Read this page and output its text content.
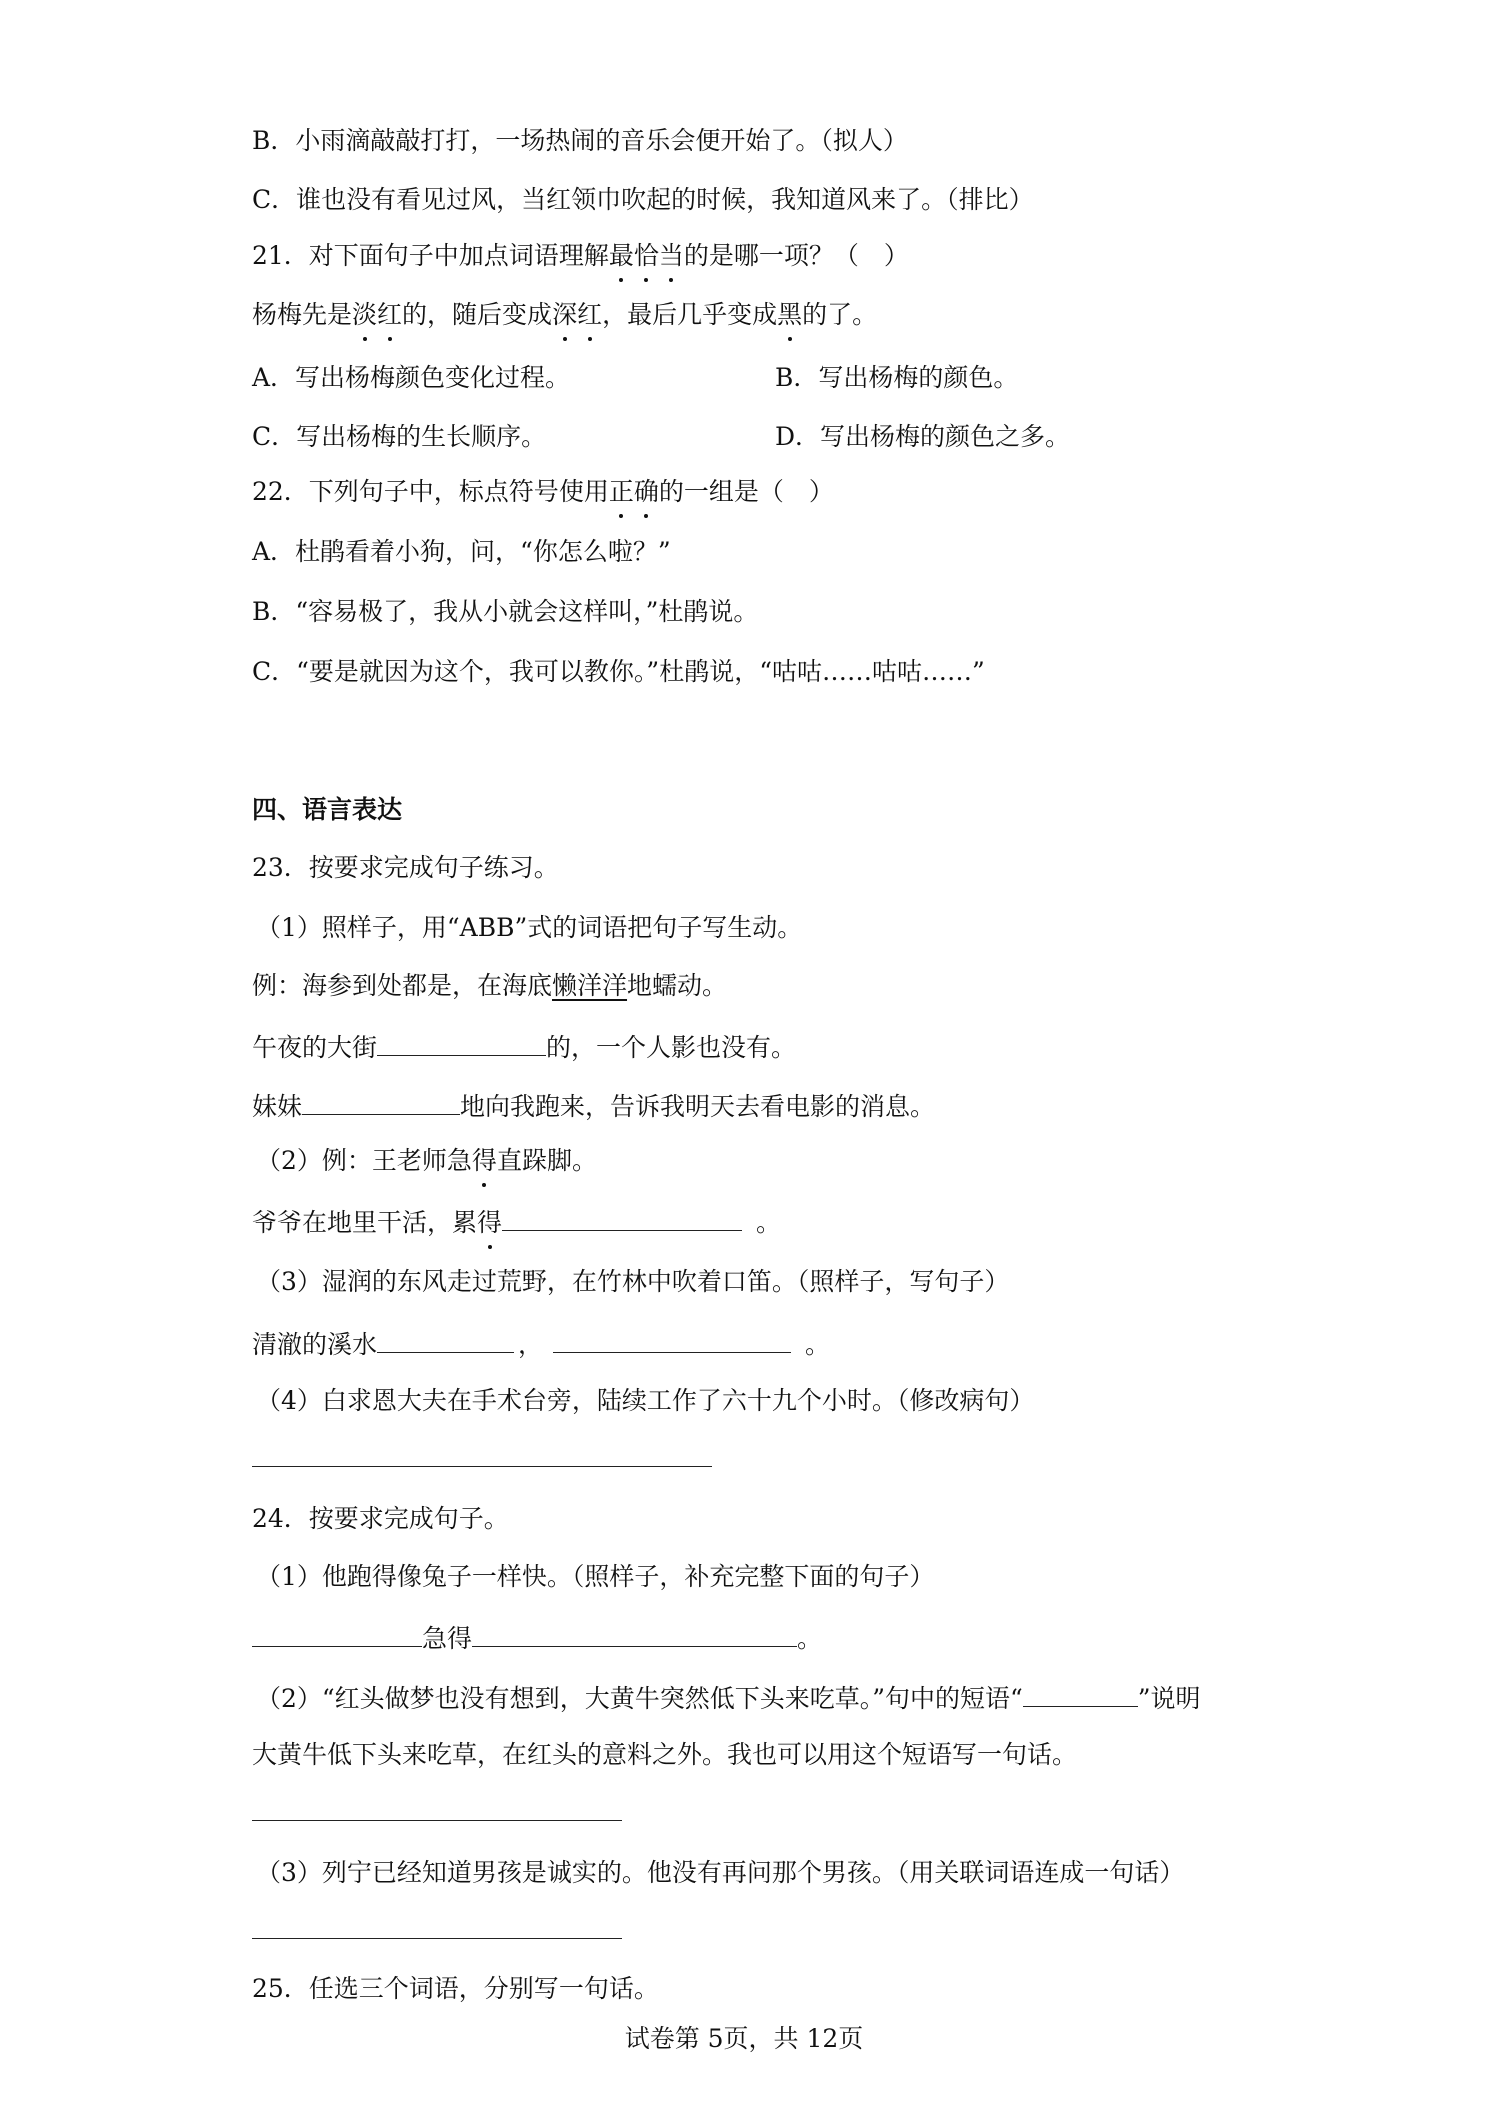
B．小雨滴敲敲打打，一场热闹的音乐会便开始了。（拟人）
C．谁也没有看见过风，当红领巾吹起的时候，我知道风来了。（排比）
21．对下面句子中加点词语理解最恰当的是哪一项？（　）
杨梅先是淡红的，随后变成深红，最后几乎变成黑的了。
A．写出杨梅颜色变化过程。	B．写出杨梅的颜色。
C．写出杨梅的生长顺序。	D．写出杨梅的颜色之多。
22．下列句子中，标点符号使用正确的一组是（　）
A．杜鹃看着小狗，问，“你怎么啦？”
B．“容易极了，我从小就会这样叫，”杜鹃说。
C．“要是就因为这个，我可以教你。”杜鹃说，“咕咕……咕咕……”
四、语言表达
23．按要求完成句子练习。
（1）照样子，用“ABB”式的词语把句子写生动。
例：海参到处都是，在海底懒洋洋地蠕动。
午夜的大街	的，一个人影也没有。
妹妹	地向我跑来，告诉我明天去看电影的消息。
（2）例：王老师急得直跺脚。
爷爷在地里干活，累得	。
（3）湿润的东风走过荒野，在竹林中吹着口笛。（照样子，写句子）
清澈的溪水	，	。
（4）白求恩大夫在手术台旁，陆续工作了六十九个小时。（修改病句）
24．按要求完成句子。
（1）他跑得像兔子一样快。（照样子，补充完整下面的句子）
急得	。
（2）“红头做梦也没有想到，大黄牛突然低下头来吃草。”句中的短语“	”说明
大黄牛低下头来吃草，在红头的意料之外。我也可以用这个短语写一句话。
（3）列宁已经知道男孩是诚实的。他没有再问那个男孩。（用关联词语连成一句话）
25．任选三个词语，分别写一句话。
试卷第 5页，共 12页
